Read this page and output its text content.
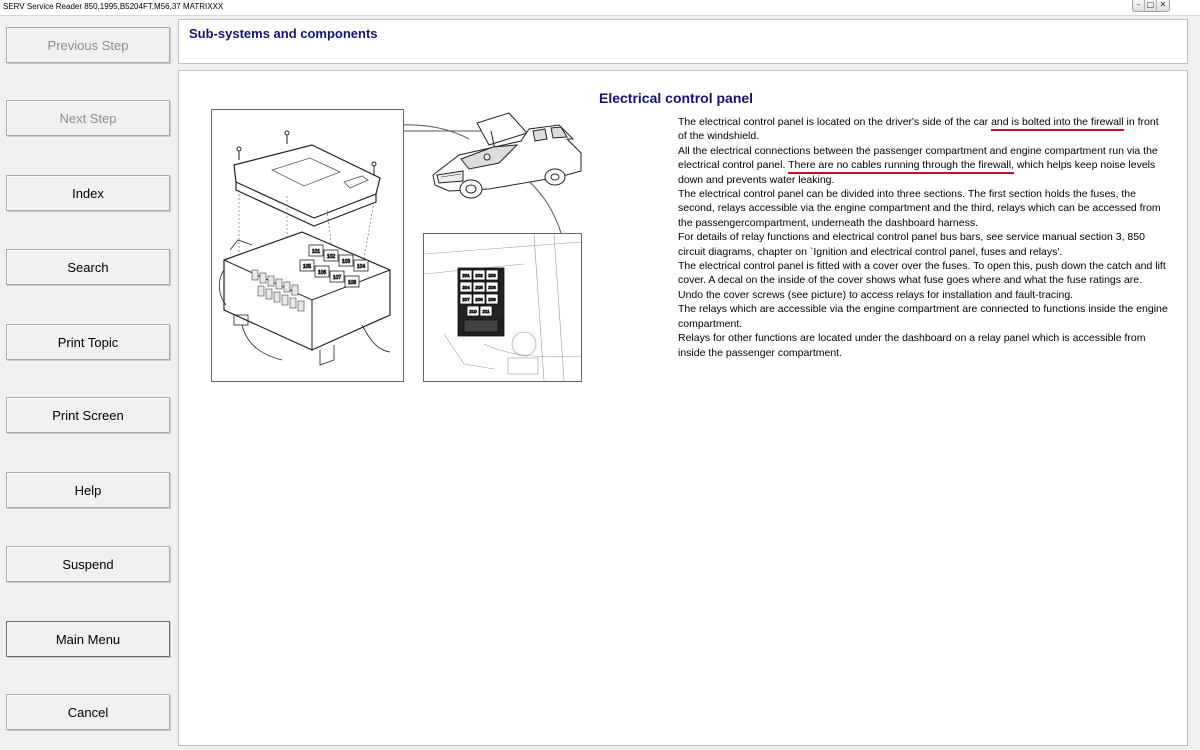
SERV Service Reader 850,1995,B5204FT,M56,37 MATRIXXX	– □ ✕
Previous Step
Next Step
Index
Search
Print Topic
Print Screen
Help
Suspend
Main Menu
Cancel
Sub-systems and components
Electrical control panel
101
102
103
104
105
106
107
108
201 202 203
204 205 206
207 208 209
210 211

The electrical control panel is located on the driver's side of the car and is bolted into the firewall in front of the windshield.

All the electrical connections between the passenger compartment and engine compartment run via the electrical control panel. There are no cables running through the firewall, which helps keep noise levels down and prevents water leaking.

The electrical control panel can be divided into three sections. The first section holds the fuses, the second, relays accessible via the engine compartment and the third, relays which can be accessed from the passengercompartment, underneath the dashboard harness.

For details of relay functions and electrical control panel bus bars, see service manual section 3, 850 circuit diagrams, chapter on `Ignition and electrical control panel, fuses and relays'.

The electrical control panel is fitted with a cover over the fuses. To open this, push down the catch and lift cover. A decal on the inside of the cover shows what fuse goes where and what the fuse ratings are.

Undo the cover screws (see picture) to access relays for installation and fault-tracing.

The relays which are accessible via the engine compartment are connected to functions inside the engine compartment.

Relays for other functions are located under the dashboard on a relay panel which is accessible from inside the passenger compartment.
